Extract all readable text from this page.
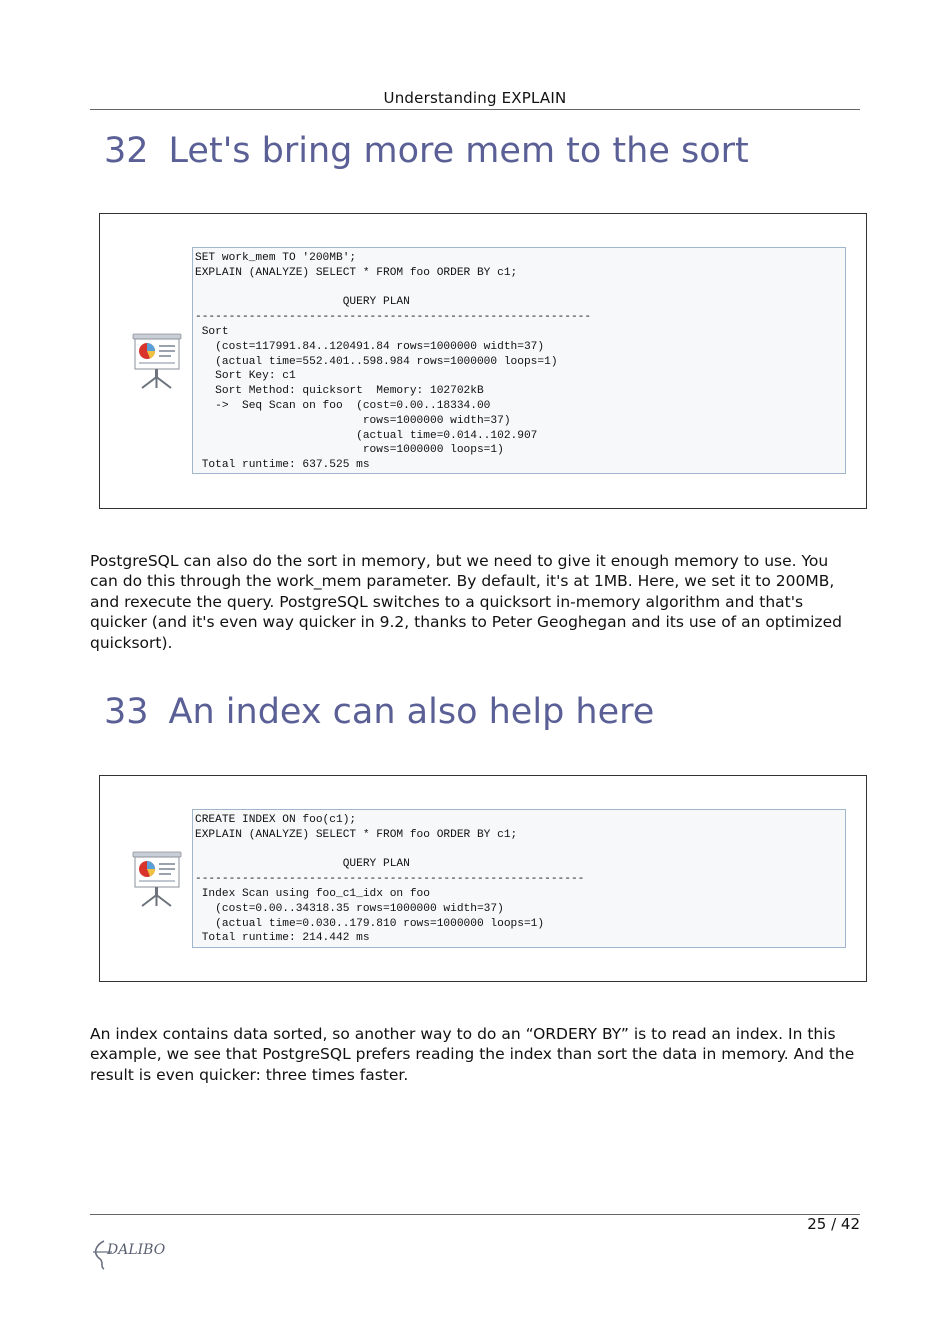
Understanding EXPLAIN
32 Let's bring more mem to the sort
SET work_mem TO '200MB';
EXPLAIN (ANALYZE) SELECT * FROM foo ORDER BY c1;

QUERY PLAN
-----------------------------------------------------------
Sort
(cost=117991.84..120491.84 rows=1000000 width=37)
(actual time=552.401..598.984 rows=1000000 loops=1)
Sort Key: c1
Sort Method: quicksort  Memory: 102702kB
->  Seq Scan on foo  (cost=0.00..18334.00
rows=1000000 width=37)
(actual time=0.014..102.907
rows=1000000 loops=1)
Total runtime: 637.525 ms

PostgreSQL can also do the sort in memory, but we need to give it enough memory to use. You can do this through the work_mem parameter. By default, it's at 1MB. Here, we set it to 200MB, and rexecute the query. PostgreSQL switches to a quicksort in-memory algorithm and that's quicker (and it's even way quicker in 9.2, thanks to Peter Geoghegan and its use of an optimized quicksort).

33 An index can also help here
CREATE INDEX ON foo(c1);
EXPLAIN (ANALYZE) SELECT * FROM foo ORDER BY c1;

QUERY PLAN
----------------------------------------------------------
Index Scan using foo_c1_idx on foo
(cost=0.00..34318.35 rows=1000000 width=37)
(actual time=0.030..179.810 rows=1000000 loops=1)
Total runtime: 214.442 ms

An index contains data sorted, so another way to do an “ORDERY BY” is to read an index. In this example, we see that PostgreSQL prefers reading the index than sort the data in memory. And the result is even quicker: three times faster.

25 / 42
DALIBO
